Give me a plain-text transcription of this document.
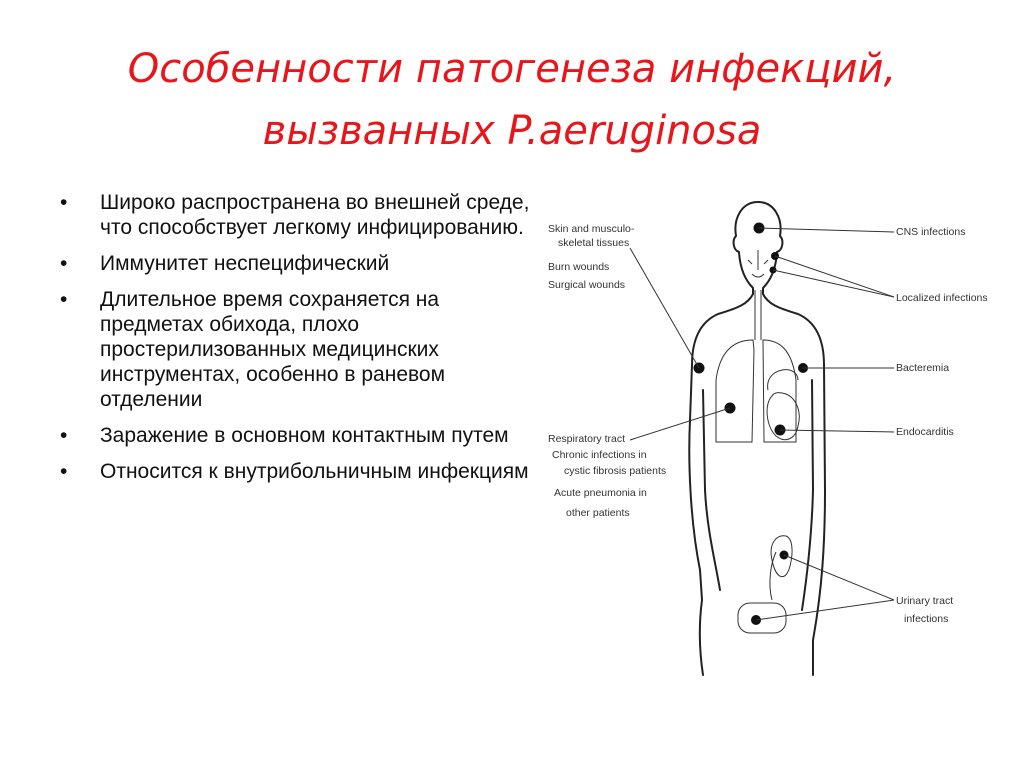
Особенности патогенеза инфекций,
вызванных P.aeruginosa
• Широко распространена во внешней среде, что способствует легкому инфицированию.
• Иммунитет неспецифический
• Длительное время сохраняется на предметах обихода, плохо простерилизованных медицинских инструментах, особенно в раневом отделении
• Заражение в основном контактным путем
• Относится к внутрибольничным инфекциям
Skin and musculo-
skeletal tissues
Burn wounds
Surgical wounds
Respiratory tract
Chronic infections in
cystic fibrosis patients
Acute pneumonia in
other patients
CNS infections
Localized infections
Bacteremia
Endocarditis
Urinary tract
infections
